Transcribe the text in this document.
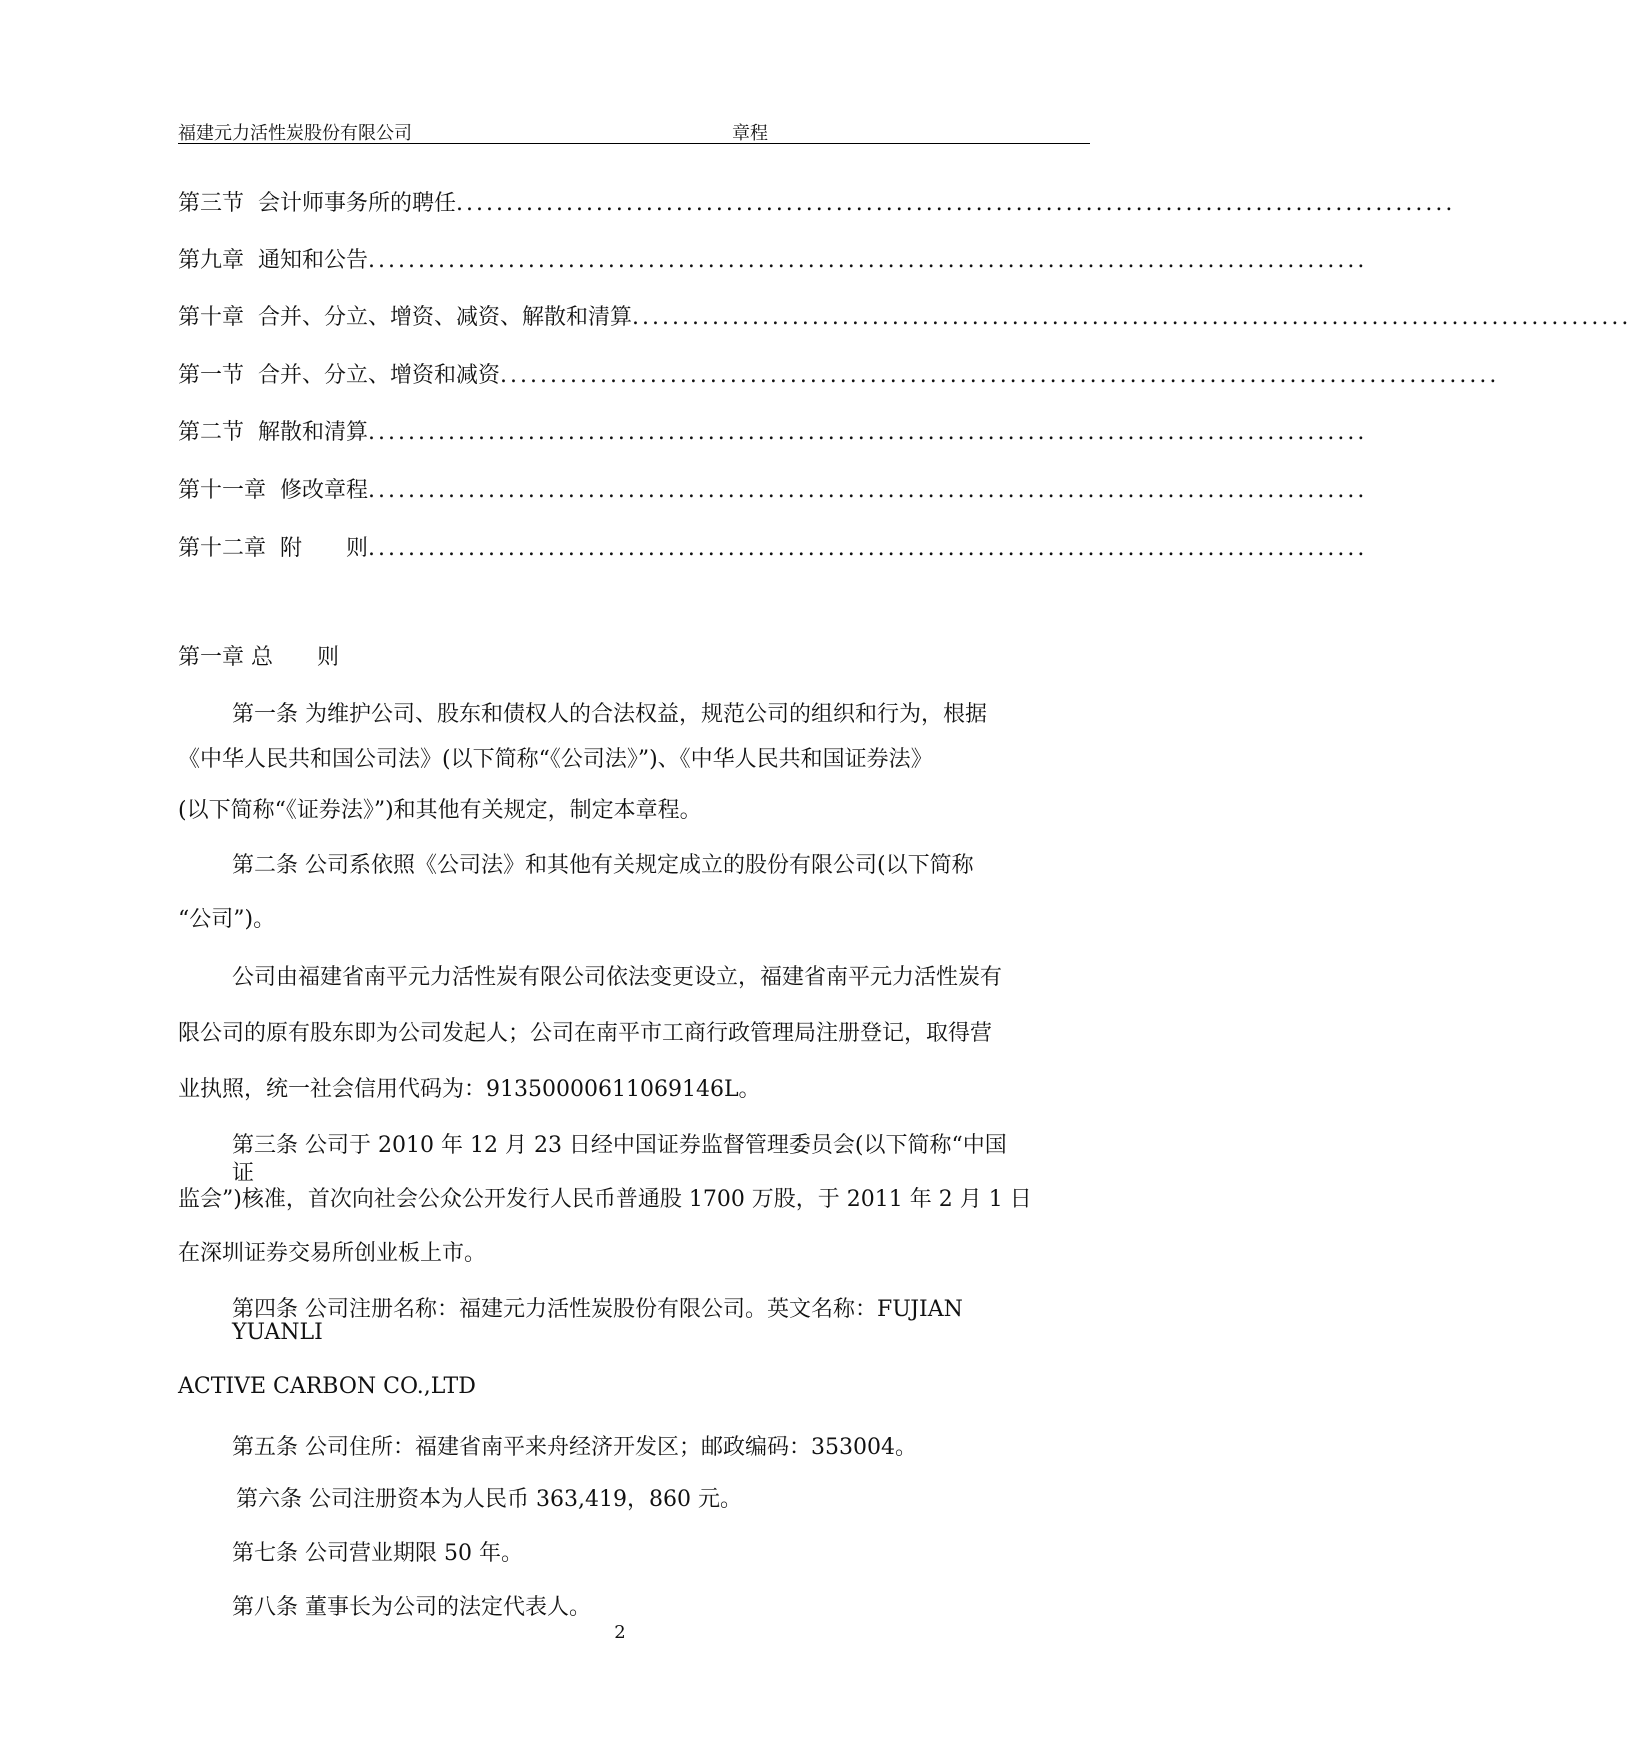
福建元力活性炭股份有限公司	章程
第三节 会计师事务所的聘任 ....................................................................................................
第九章 通知和公告 ....................................................................................................
第十章 合并、分立、增资、减资、解散和清算 ....................................................................................................
第一节 合并、分立、增资和减资 ....................................................................................................
第二节 解散和清算 ....................................................................................................
第十一章 修改章程 ....................................................................................................
第十二章 附　　则 ....................................................................................................
第一章 总　　则
第一条 为维护公司、股东和债权人的合法权益，规范公司的组织和行为，根据
《中华人民共和国公司法》(以下简称“《公司法》”)、《中华人民共和国证券法》
(以下简称“《证券法》”)和其他有关规定，制定本章程。
第二条 公司系依照《公司法》和其他有关规定成立的股份有限公司(以下简称
“公司”)。
公司由福建省南平元力活性炭有限公司依法变更设立，福建省南平元力活性炭有
限公司的原有股东即为公司发起人；公司在南平市工商行政管理局注册登记，取得营
业执照，统一社会信用代码为：91350000611069146L。
第三条 公司于 2010 年 12 月 23 日经中国证券监督管理委员会(以下简称“中国
证
监会”)核准，首次向社会公众公开发行人民币普通股 1700 万股，于 2011 年 2 月 1 日
在深圳证券交易所创业板上市。
第四条 公司注册名称：福建元力活性炭股份有限公司。英文名称：FUJIAN
YUANLI
ACTIVE CARBON CO.,LTD
第五条 公司住所：福建省南平来舟经济开发区；邮政编码：353004。
第六条 公司注册资本为人民币 363,419，860 元。
2
第七条 公司营业期限 50 年。
第八条 董事长为公司的法定代表人。
